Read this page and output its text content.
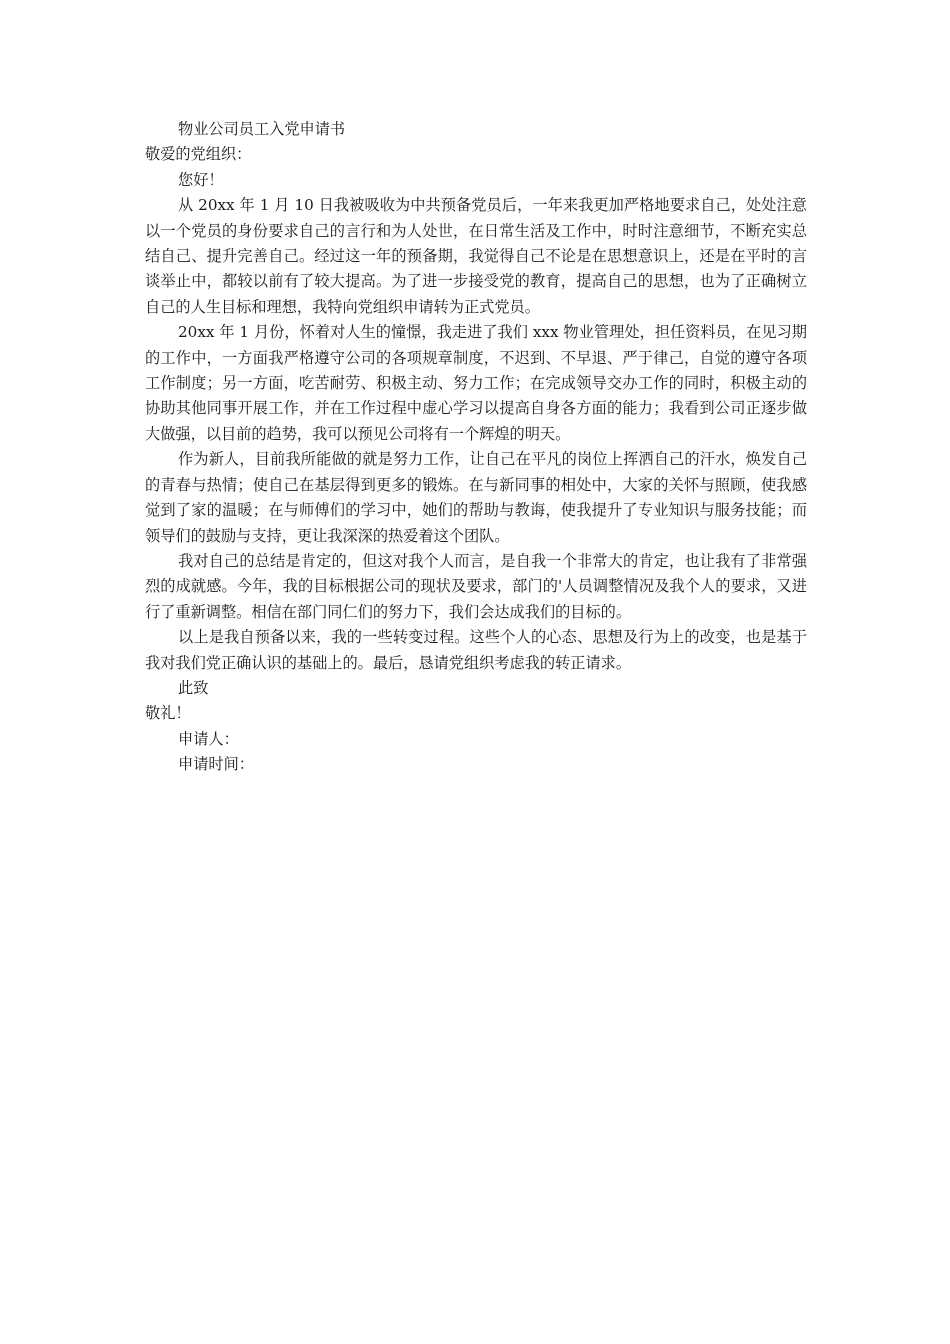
物业公司员工入党申请书

敬爱的党组织：

您好！

从 20xx 年 1 月 10 日我被吸收为中共预备党员后，一年来我更加严格地要求自己，处处注意以一个党员的身份要求自己的言行和为人处世，在日常生活及工作中，时时注意细节，不断充实总结自己、提升完善自己。经过这一年的预备期，我觉得自己不论是在思想意识上，还是在平时的言谈举止中，都较以前有了较大提高。为了进一步接受党的教育，提高自己的思想，也为了正确树立自己的人生目标和理想，我特向党组织申请转为正式党员。

20xx 年 1 月份，怀着对人生的憧憬，我走进了我们 xxx 物业管理处，担任资料员，在见习期的工作中，一方面我严格遵守公司的各项规章制度，不迟到、不早退、严于律己，自觉的遵守各项工作制度；另一方面，吃苦耐劳、积极主动、努力工作；在完成领导交办工作的同时，积极主动的协助其他同事开展工作，并在工作过程中虚心学习以提高自身各方面的能力；我看到公司正逐步做大做强，以目前的趋势，我可以预见公司将有一个辉煌的明天。

作为新人，目前我所能做的就是努力工作，让自己在平凡的岗位上挥洒自己的汗水，焕发自己的青春与热情；使自己在基层得到更多的锻炼。在与新同事的相处中，大家的关怀与照顾，使我感觉到了家的温暖；在与师傅们的学习中，她们的帮助与教诲，使我提升了专业知识与服务技能；而领导们的鼓励与支持，更让我深深的热爱着这个团队。

我对自己的总结是肯定的，但这对我个人而言，是自我一个非常大的肯定，也让我有了非常强烈的成就感。今年，我的目标根据公司的现状及要求，部门的'人员调整情况及我个人的要求，又进行了重新调整。相信在部门同仁们的努力下，我们会达成我们的目标的。

以上是我自预备以来，我的一些转变过程。这些个人的心态、思想及行为上的改变，也是基于我对我们党正确认识的基础上的。最后，恳请党组织考虑我的转正请求。

此致

敬礼！

申请人：

申请时间：
